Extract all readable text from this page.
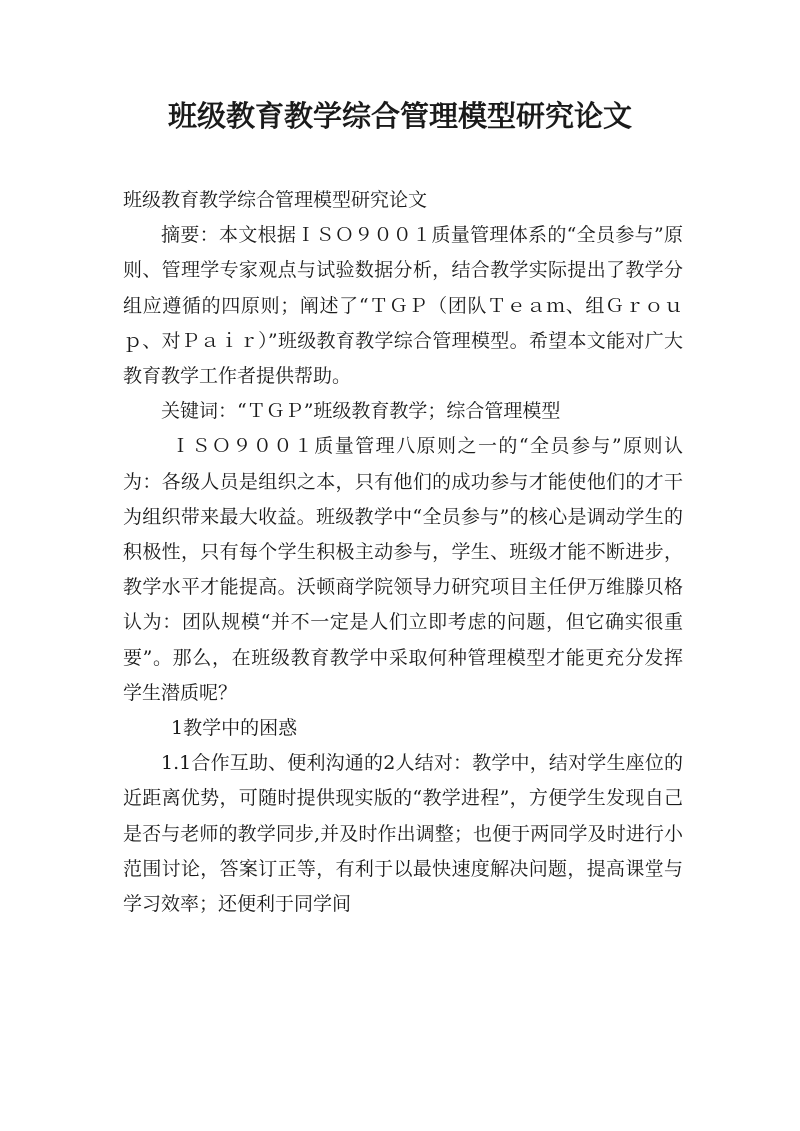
班级教育教学综合管理模型研究论文

班级教育教学综合管理模型研究论文

摘要：本文根据ＩＳＯ９００１质量管理体系的“全员参与”原则、管理学专家观点与试验数据分析，结合教学实际提出了教学分组应遵循的四原则；阐述了“ＴＧＰ（团队Ｔｅａｍ、组Ｇｒｏｕｐ、对Ｐａｉｒ）”班级教育教学综合管理模型。希望本文能对广大教育教学工作者提供帮助。

关键词：“ＴＧＰ”班级教育教学；综合管理模型

ＩＳＯ９００１质量管理八原则之一的“全员参与”原则认为：各级人员是组织之本，只有他们的成功参与才能使他们的才干为组织带来最大收益。班级教学中“全员参与”的核心是调动学生的积极性，只有每个学生积极主动参与，学生、班级才能不断进步，教学水平才能提高。沃顿商学院领导力研究项目主任伊万维滕贝格认为：团队规模“并不一定是人们立即考虑的问题，但它确实很重要”。那么，在班级教育教学中采取何种管理模型才能更充分发挥学生潜质呢？

1教学中的困惑

1.1合作互助、便利沟通的2人结对：教学中，结对学生座位的近距离优势，可随时提供现实版的“教学进程”，方便学生发现自己是否与老师的教学同步,并及时作出调整；也便于两同学及时进行小范围讨论，答案订正等，有利于以最快速度解决问题，提高课堂与学习效率；还便利于同学间
